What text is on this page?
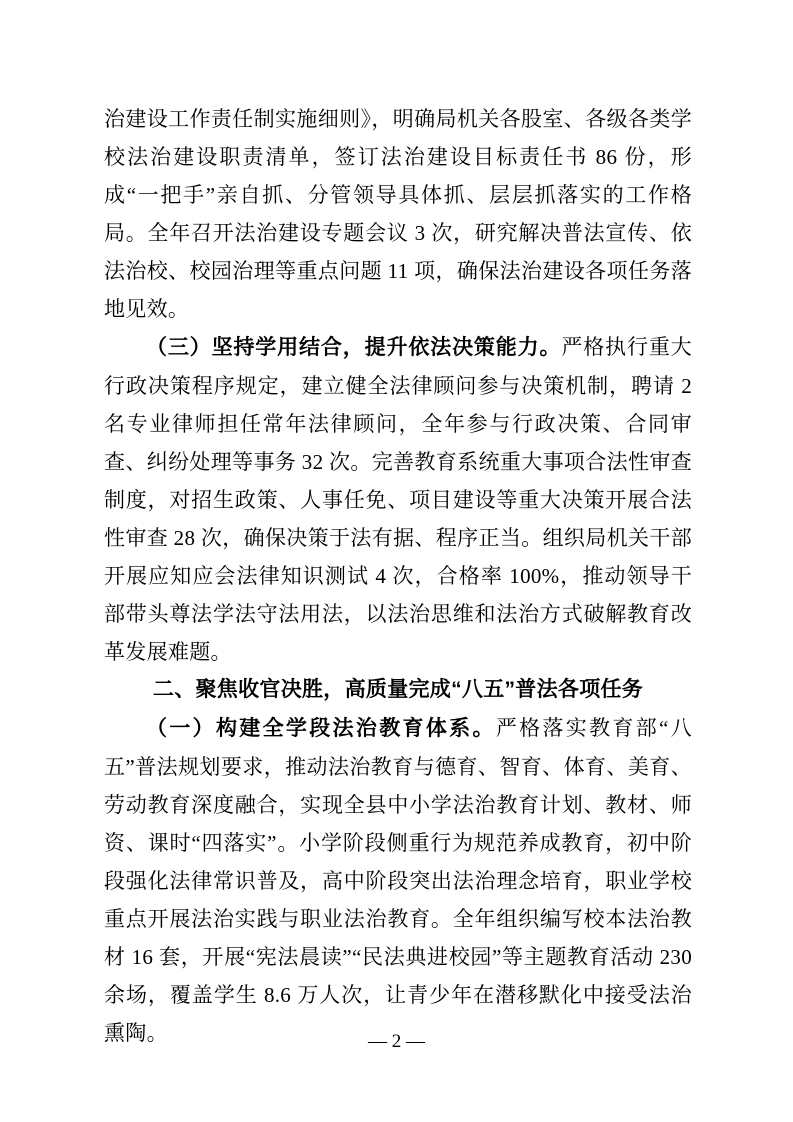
治建设工作责任制实施细则》，明确局机关各股室、各级各类学校法治建设职责清单，签订法治建设目标责任书 86 份，形成“一把手”亲自抓、分管领导具体抓、层层抓落实的工作格局。全年召开法治建设专题会议 3 次，研究解决普法宣传、依法治校、校园治理等重点问题 11 项，确保法治建设各项任务落地见效。

（三）坚持学用结合，提升依法决策能力。严格执行重大行政决策程序规定，建立健全法律顾问参与决策机制，聘请 2 名专业律师担任常年法律顾问，全年参与行政决策、合同审查、纠纷处理等事务 32 次。完善教育系统重大事项合法性审查制度，对招生政策、人事任免、项目建设等重大决策开展合法性审查 28 次，确保决策于法有据、程序正当。组织局机关干部开展应知应会法律知识测试 4 次，合格率 100%，推动领导干部带头尊法学法守法用法，以法治思维和法治方式破解教育改革发展难题。

二、聚焦收官决胜，高质量完成“八五”普法各项任务

（一）构建全学段法治教育体系。严格落实教育部“八五”普法规划要求，推动法治教育与德育、智育、体育、美育、劳动教育深度融合，实现全县中小学法治教育计划、教材、师资、课时“四落实”。小学阶段侧重行为规范养成教育，初中阶段强化法律常识普及，高中阶段突出法治理念培育，职业学校重点开展法治实践与职业法治教育。全年组织编写校本法治教材 16 套，开展“宪法晨读”“民法典进校园”等主题教育活动 230 余场，覆盖学生 8.6 万人次，让青少年在潜移默化中接受法治熏陶。	— 2 —
